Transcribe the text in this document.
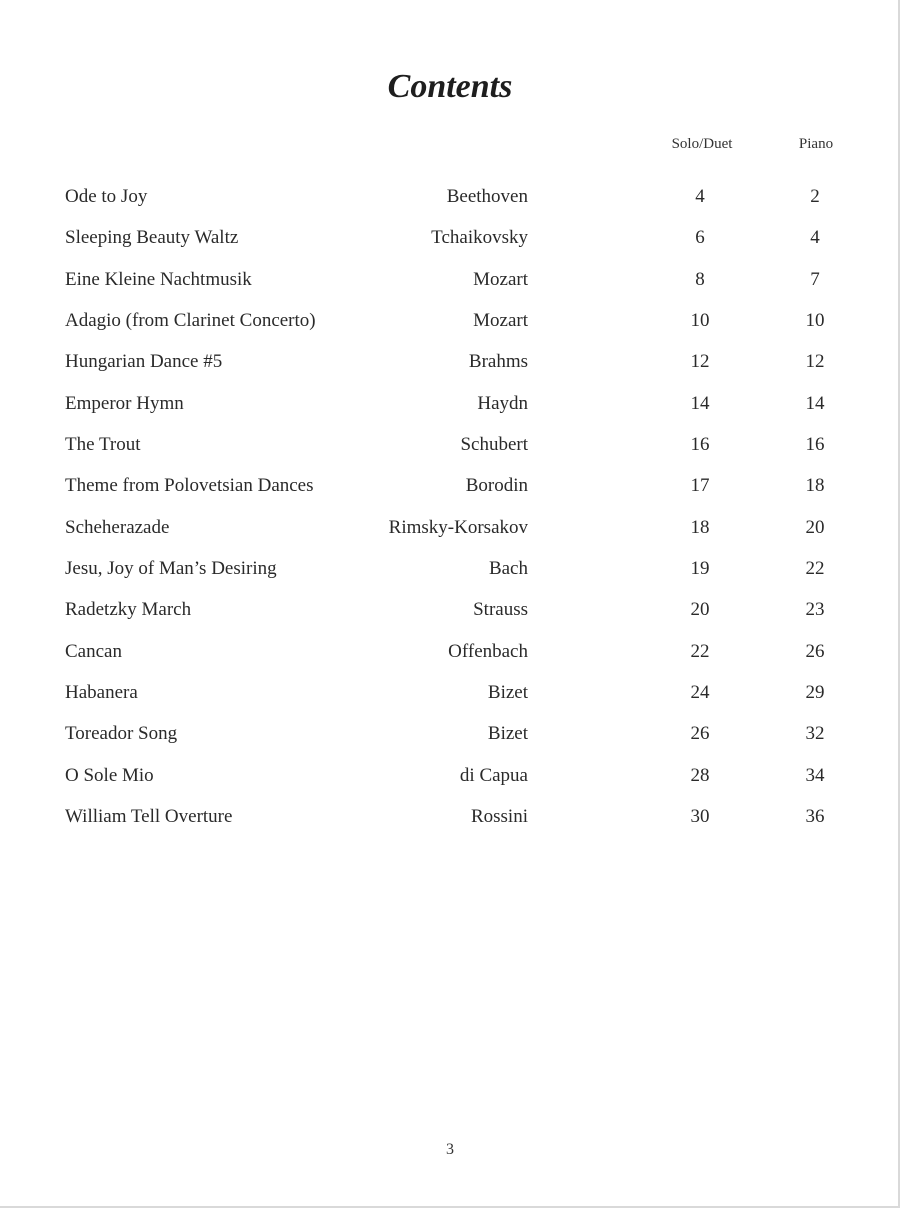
Contents
Solo/Duet	Piano
Ode to Joy	Beethoven	4	2
Sleeping Beauty Waltz	Tchaikovsky	6	4
Eine Kleine Nachtmusik	Mozart	8	7
Adagio (from Clarinet Concerto)	Mozart	10	10
Hungarian Dance #5	Brahms	12	12
Emperor Hymn	Haydn	14	14
The Trout	Schubert	16	16
Theme from Polovetsian Dances	Borodin	17	18
Scheherazade	Rimsky-Korsakov	18	20
Jesu, Joy of Man’s Desiring	Bach	19	22
Radetzky March	Strauss	20	23
Cancan	Offenbach	22	26
Habanera	Bizet	24	29
Toreador Song	Bizet	26	32
O Sole Mio	di Capua	28	34
William Tell Overture	Rossini	30	36
3
